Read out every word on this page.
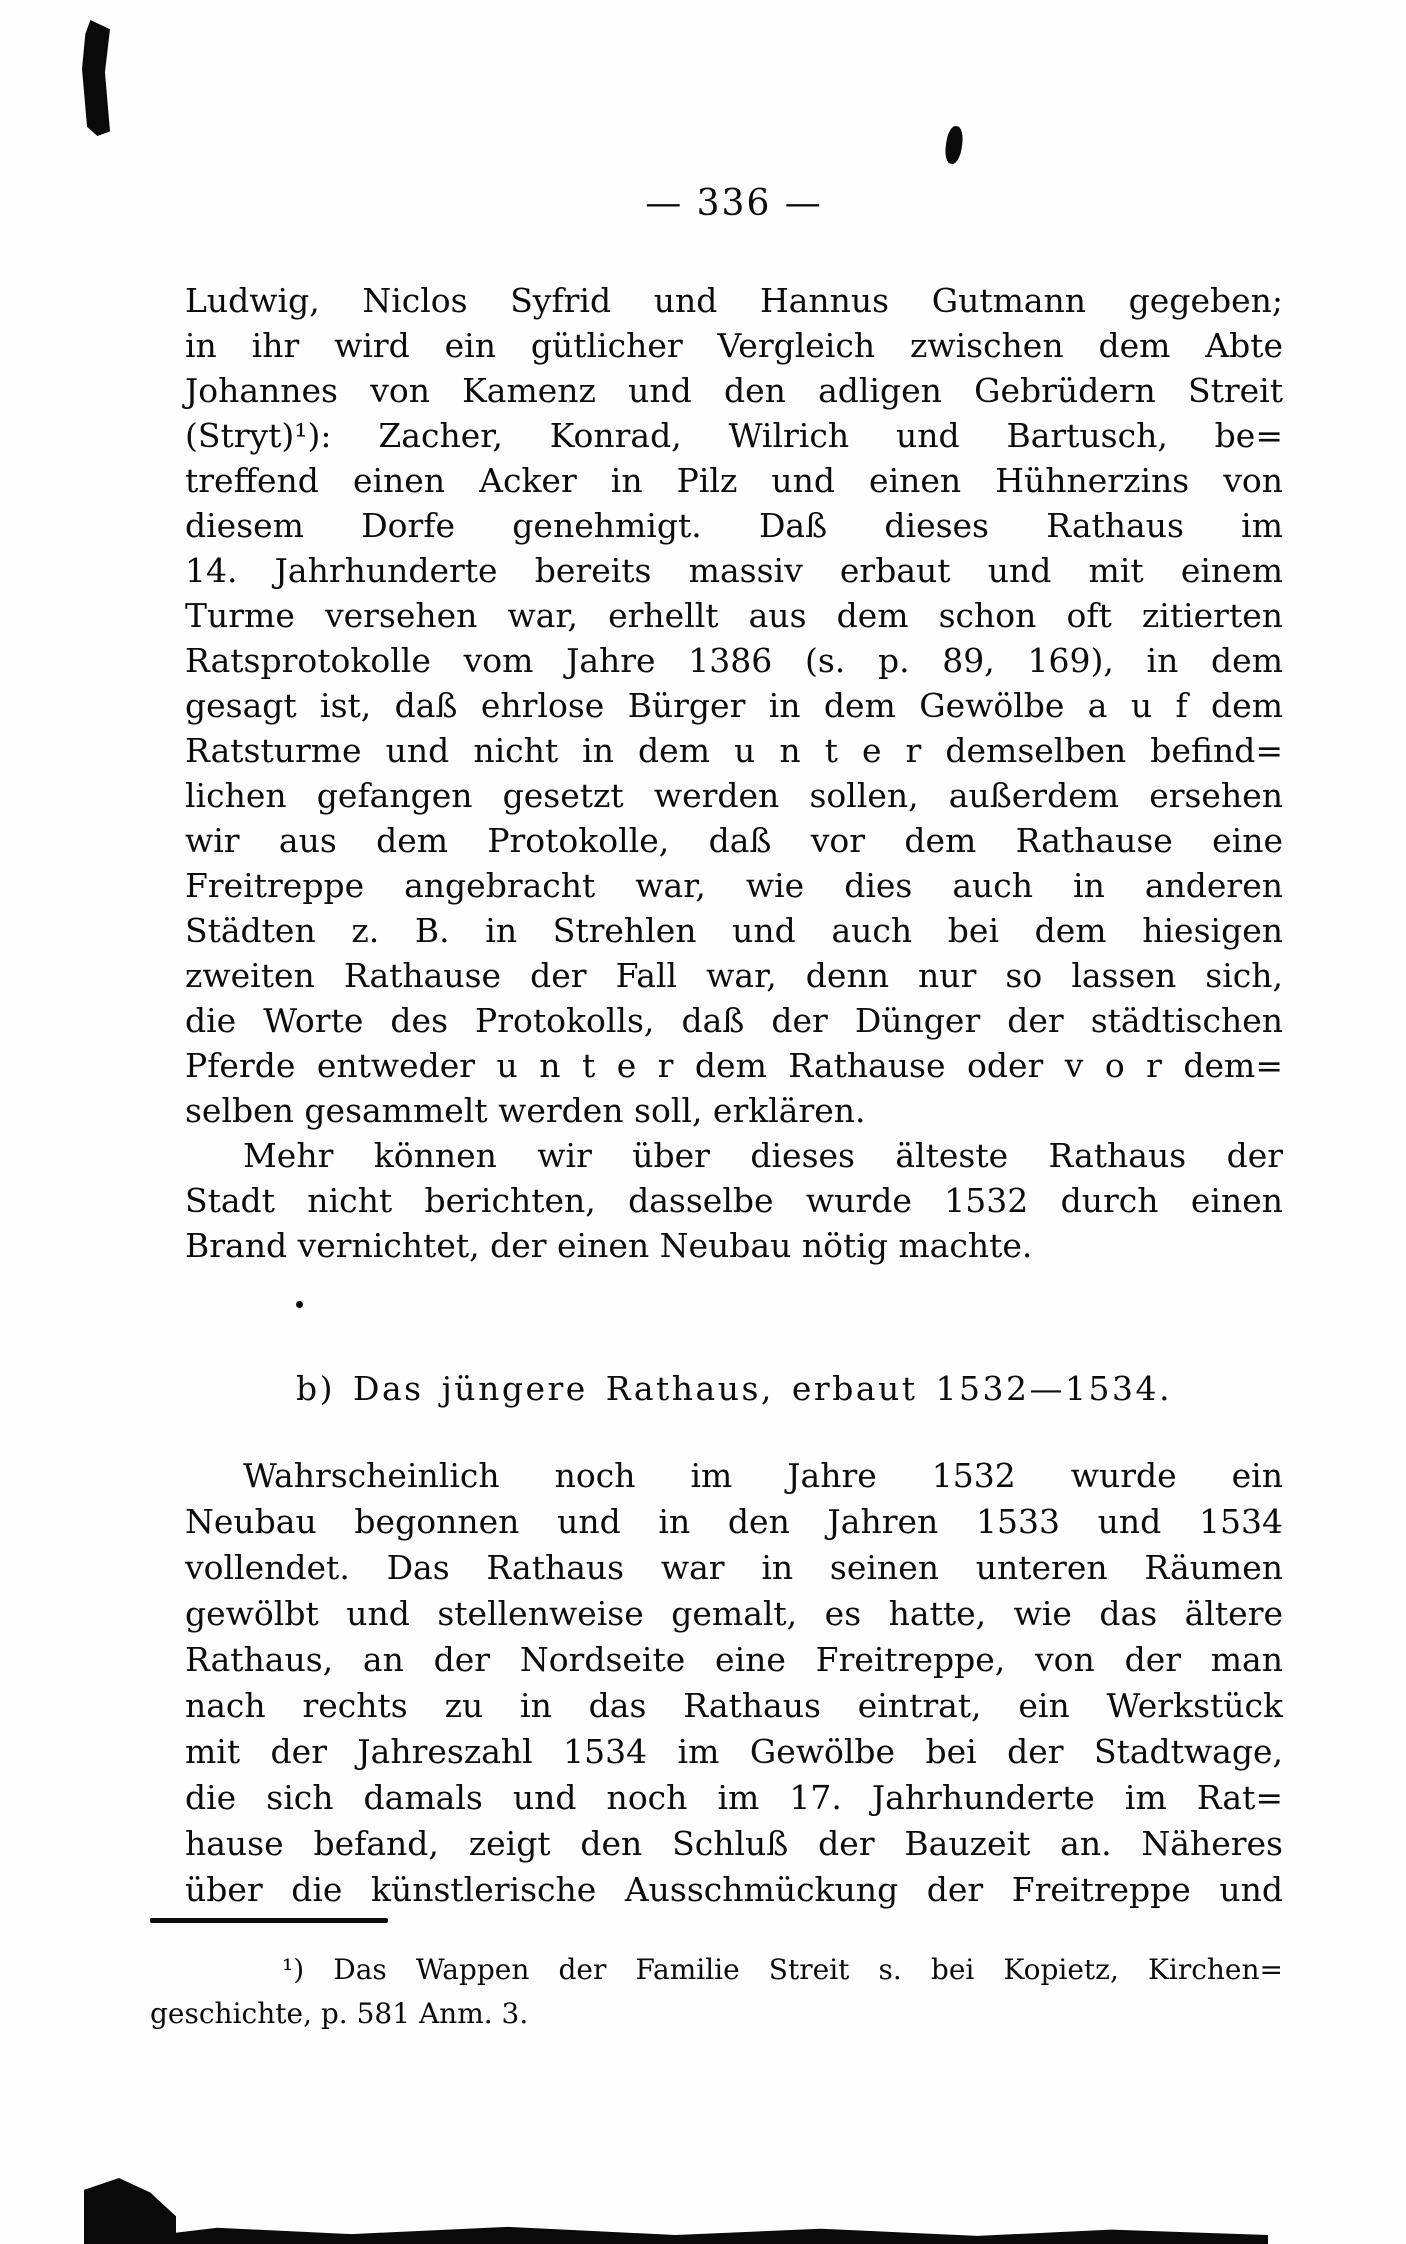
— 336 —
Ludwig, Niclos Syfrid und Hannus Gutmann gegeben;
in ihr wird ein gütlicher Vergleich zwischen dem Abte
Johannes von Kamenz und den adligen Gebrüdern Streit
(Stryt)¹): Zacher, Konrad, Wilrich und Bartusch, be=
treffend einen Acker in Pilz und einen Hühnerzins von
diesem Dorfe genehmigt. Daß dieses Rathaus im
14. Jahrhunderte bereits massiv erbaut und mit einem
Turme versehen war, erhellt aus dem schon oft zitierten
Ratsprotokolle vom Jahre 1386 (s. p. 89, 169), in dem
gesagt ist, daß ehrlose Bürger in dem Gewölbe a u f dem
Ratsturme und nicht in dem u n t e r demselben befind=
lichen gefangen gesetzt werden sollen, außerdem ersehen
wir aus dem Protokolle, daß vor dem Rathause eine
Freitreppe angebracht war, wie dies auch in anderen
Städten z. B. in Strehlen und auch bei dem hiesigen
zweiten Rathause der Fall war, denn nur so lassen sich,
die Worte des Protokolls, daß der Dünger der städtischen
Pferde entweder u n t e r dem Rathause oder v o r dem=
selben gesammelt werden soll, erklären.
Mehr können wir über dieses älteste Rathaus der
Stadt nicht berichten, dasselbe wurde 1532 durch einen
Brand vernichtet, der einen Neubau nötig machte.
b) Das jüngere Rathaus, erbaut 1532—1534.
Wahrscheinlich noch im Jahre 1532 wurde ein
Neubau begonnen und in den Jahren 1533 und 1534
vollendet. Das Rathaus war in seinen unteren Räumen
gewölbt und stellenweise gemalt, es hatte, wie das ältere
Rathaus, an der Nordseite eine Freitreppe, von der man
nach rechts zu in das Rathaus eintrat, ein Werkstück
mit der Jahreszahl 1534 im Gewölbe bei der Stadtwage,
die sich damals und noch im 17. Jahrhunderte im Rat=
hause befand, zeigt den Schluß der Bauzeit an. Näheres
über die künstlerische Ausschmückung der Freitreppe und
¹) Das Wappen der Familie Streit s. bei Kopietz, Kirchen=
geschichte, p. 581 Anm. 3.
